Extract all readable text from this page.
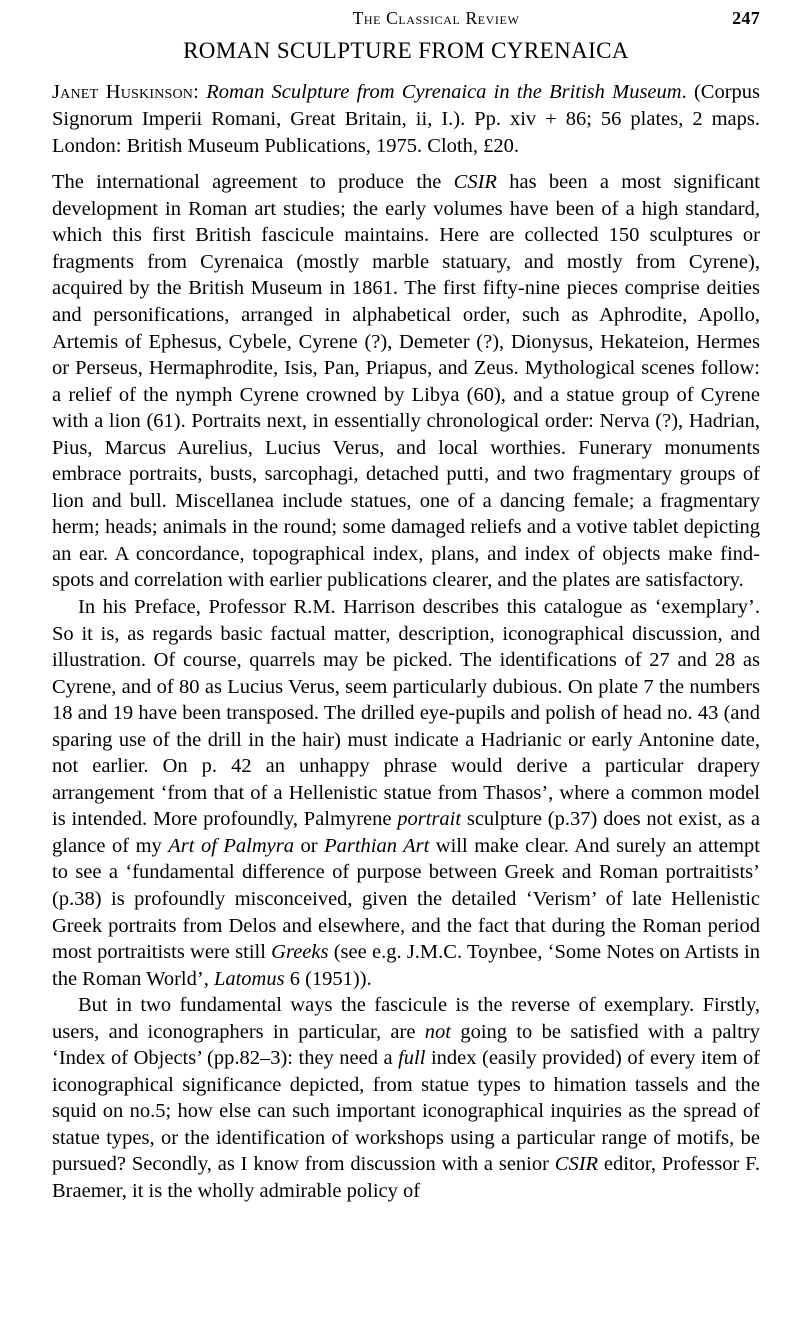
The Classical Review	247
ROMAN SCULPTURE FROM CYRENAICA
Janet Huskinson: Roman Sculpture from Cyrenaica in the British Museum. (Corpus Signorum Imperii Romani, Great Britain, ii, I.). Pp. xiv + 86; 56 plates, 2 maps. London: British Museum Publications, 1975. Cloth, £20.

The international agreement to produce the CSIR has been a most significant development in Roman art studies; the early volumes have been of a high standard, which this first British fascicule maintains. Here are collected 150 sculptures or fragments from Cyrenaica (mostly marble statuary, and mostly from Cyrene), acquired by the British Museum in 1861. The first fifty-nine pieces comprise deities and personifications, arranged in alphabetical order, such as Aphrodite, Apollo, Artemis of Ephesus, Cybele, Cyrene (?), Demeter (?), Dionysus, Hekateion, Hermes or Perseus, Hermaphrodite, Isis, Pan, Priapus, and Zeus. Mythological scenes follow: a relief of the nymph Cyrene crowned by Libya (60), and a statue group of Cyrene with a lion (61). Portraits next, in essentially chronological order: Nerva (?), Hadrian, Pius, Marcus Aurelius, Lucius Verus, and local worthies. Funerary monuments embrace portraits, busts, sarcophagi, detached putti, and two fragmentary groups of lion and bull. Miscellanea include statues, one of a dancing female; a fragmentary herm; heads; animals in the round; some damaged reliefs and a votive tablet depicting an ear. A concordance, topographical index, plans, and index of objects make find-spots and correlation with earlier publications clearer, and the plates are satisfactory.

In his Preface, Professor R.M. Harrison describes this catalogue as ‘exemplary’. So it is, as regards basic factual matter, description, iconographical discussion, and illustration. Of course, quarrels may be picked. The identifications of 27 and 28 as Cyrene, and of 80 as Lucius Verus, seem particularly dubious. On plate 7 the numbers 18 and 19 have been transposed. The drilled eye-pupils and polish of head no. 43 (and sparing use of the drill in the hair) must indicate a Hadrianic or early Antonine date, not earlier. On p. 42 an unhappy phrase would derive a particular drapery arrangement ‘from that of a Hellenistic statue from Thasos’, where a common model is intended. More profoundly, Palmyrene portrait sculpture (p.37) does not exist, as a glance of my Art of Palmyra or Parthian Art will make clear. And surely an attempt to see a ‘fundamental difference of purpose between Greek and Roman portraitists’ (p.38) is profoundly misconceived, given the detailed ‘Verism’ of late Hellenistic Greek portraits from Delos and elsewhere, and the fact that during the Roman period most portraitists were still Greeks (see e.g. J.M.C. Toynbee, ‘Some Notes on Artists in the Roman World’, Latomus 6 (1951)).

But in two fundamental ways the fascicule is the reverse of exemplary. Firstly, users, and iconographers in particular, are not going to be satisfied with a paltry ‘Index of Objects’ (pp.82–3): they need a full index (easily provided) of every item of iconographical significance depicted, from statue types to himation tassels and the squid on no.5; how else can such important iconographical inquiries as the spread of statue types, or the identification of workshops using a particular range of motifs, be pursued? Secondly, as I know from discussion with a senior CSIR editor, Professor F. Braemer, it is the wholly admirable policy of
